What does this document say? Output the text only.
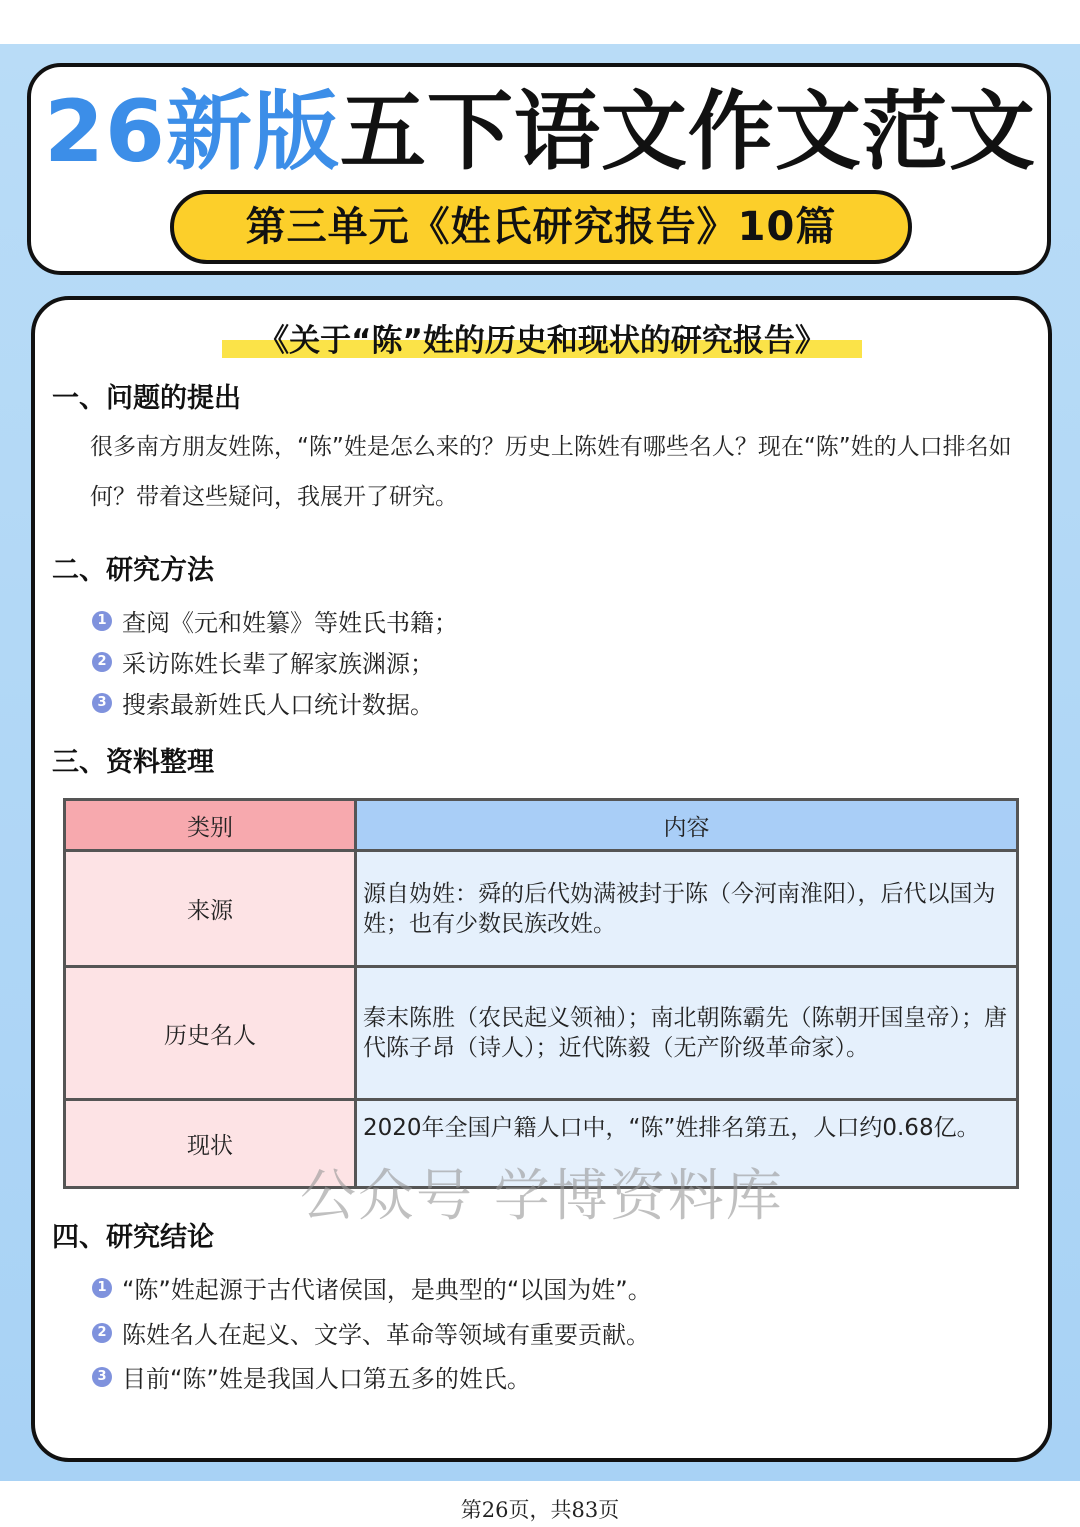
26新版五下语文作文范文
第三单元《姓氏研究报告》10篇
《关于“陈”姓的历史和现状的研究报告》
一、问题的提出
很多南方朋友姓陈，“陈”姓是怎么来的？历史上陈姓有哪些名人？现在“陈”姓的人口排名如何？带着这些疑问，我展开了研究。
二、研究方法
1 查阅《元和姓纂》等姓氏书籍；
2 采访陈姓长辈了解家族渊源；
3 搜索最新姓氏人口统计数据。
三、资料整理
类别	内容
来源	源自妫姓：舜的后代妫满被封于陈（今河南淮阳），后代以国为姓；也有少数民族改姓。
历史名人	秦末陈胜（农民起义领袖）；南北朝陈霸先（陈朝开国皇帝）；唐代陈子昂（诗人）；近代陈毅（无产阶级革命家）。
现状	2020年全国户籍人口中，“陈”姓排名第五，人口约0.68亿。
公众号 学博资料库
四、研究结论
1 “陈”姓起源于古代诸侯国，是典型的“以国为姓”。
2 陈姓名人在起义、文学、革命等领域有重要贡献。
3 目前“陈”姓是我国人口第五多的姓氏。
第26页，共83页
